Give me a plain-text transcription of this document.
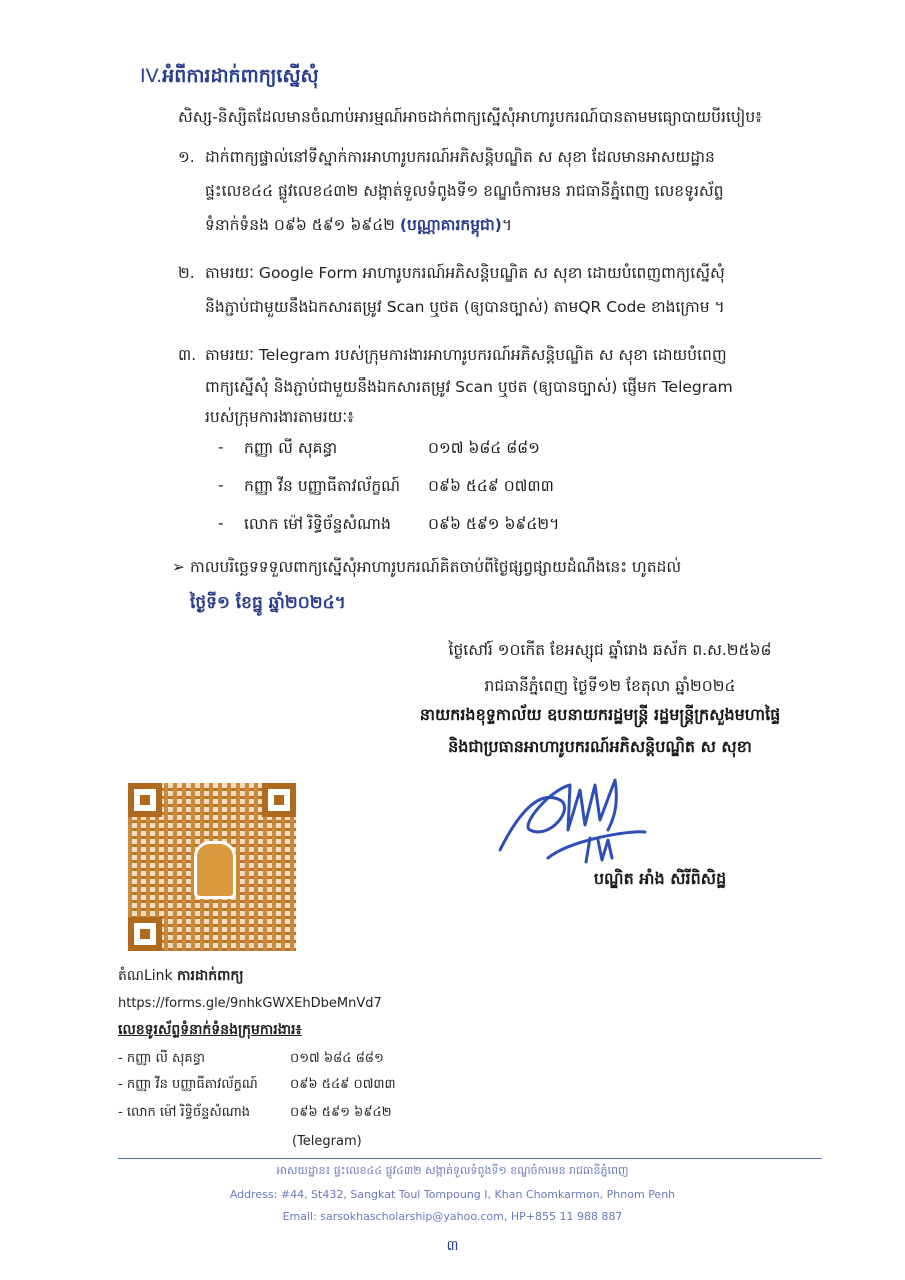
IV.អំពីការដាក់ពាក្យស្នើសុំ
សិស្ស-និស្សិតដែលមានចំណាប់អារម្មណ៍អាចដាក់ពាក្យស្នើសុំអាហារូបករណ៍បានតាមមធ្យោបាយបីរបៀប៖
១. ដាក់ពាក្យផ្ទាល់នៅទីស្នាក់ការអាហារូបករណ៍អភិសន្តិបណ្ឌិត ស សុខា ដែលមានអាសយដ្ឋាន
ផ្ទះលេខ៤៤ ផ្លូវលេខ៤៣២ សង្កាត់ទួលទំពូងទី១ ខណ្ឌចំការមន រាជធានីភ្នំពេញ លេខទូរស័ព្ទ
ទំនាក់ទំនង ០៩៦ ៥៩១ ៦៩៤២ (បណ្ណាគារកម្ពុជា)។
២. តាមរយៈ Google Form អាហារូបករណ៍អភិសន្តិបណ្ឌិត ស សុខា ដោយបំពេញពាក្យស្នើសុំ
និងភ្ជាប់ជាមួយនឹងឯកសារតម្រូវ Scan ឬថត (ឲ្យបានច្បាស់) តាមQR Code ខាងក្រោម ។
៣. តាមរយៈ Telegram របស់ក្រុមការងារអាហារូបករណ៍អភិសន្តិបណ្ឌិត ស សុខា ដោយបំពេញ
ពាក្យស្នើសុំ និងភ្ជាប់ជាមួយនឹងឯកសារតម្រូវ Scan ឬថត (ឲ្យបានច្បាស់) ផ្ញើមក Telegram
របស់ក្រុមការងារតាមរយៈ៖
- កញ្ញា លី សុគន្ធា	០១៧ ៦៨៤ ៨៨១
- កញ្ញា វីន បញ្ញាធីតាវល័ក្ខណ៍ ០៩៦ ៥៤៩ ០៧៣៣
- លោក ម៉ៅ រិទ្ធិច័ន្ទសំណាង ០៩៦ ៥៩១ ៦៩៤២។
➢ កាលបរិច្ឆេទទទួលពាក្យស្នើសុំអាហារូបករណ៍គិតចាប់ពីថ្ងៃផ្សព្វផ្សាយដំណឹងនេះ ហូតដល់
ថ្ងៃទី១ ខែធ្នូ ឆ្នាំ២០២៤។
ថ្ងៃសៅរ៍ ១០កើត ខែអស្សុជ ឆ្នាំរោង ឆស័ក ព.ស.២៥៦៨
រាជធានីភ្នំពេញ ថ្ងៃទី១២ ខែតុលា ឆ្នាំ២០២៤
នាយករងខុទ្ទកាល័យ ឧបនាយករដ្ឋមន្ត្រី រដ្ឋមន្ត្រីក្រសួងមហាផ្ទៃ
និងជាប្រធានអាហារូបករណ៍អភិសន្តិបណ្ឌិត ស សុខា
បណ្ឌិត អាំង សិរីពិសិដ្ឋ
តំណLink ការដាក់ពាក្យ
https://forms.gle/9nhkGWXEhDbeMnVd7
លេខទូរស័ព្ទទំនាក់ទំនងក្រុមការងារ៖
- កញ្ញា លី សុគន្ធា	០១៧ ៦៨៤ ៨៨១
- កញ្ញា វីន បញ្ញាធីតាវល័ក្ខណ៍ ០៩៦ ៥៤៩ ០៧៣៣
- លោក ម៉ៅ រិទ្ធិច័ន្ទសំណាង	០៩៦ ៥៩១ ៦៩៤២
(Telegram)
អាសយដ្ឋាន៖ ផ្ទះលេខ៤៤ ផ្លូវ៤៣២ សង្កាត់ទួលទំពូងទី១ ខណ្ឌចំការមន រាជធានីភ្នំពេញ
Address: #44, St432, Sangkat Toul Tompoung I, Khan Chomkarmon, Phnom Penh
Email: sarsokhascholarship@yahoo.com, HP+855 11 988 887
៣
